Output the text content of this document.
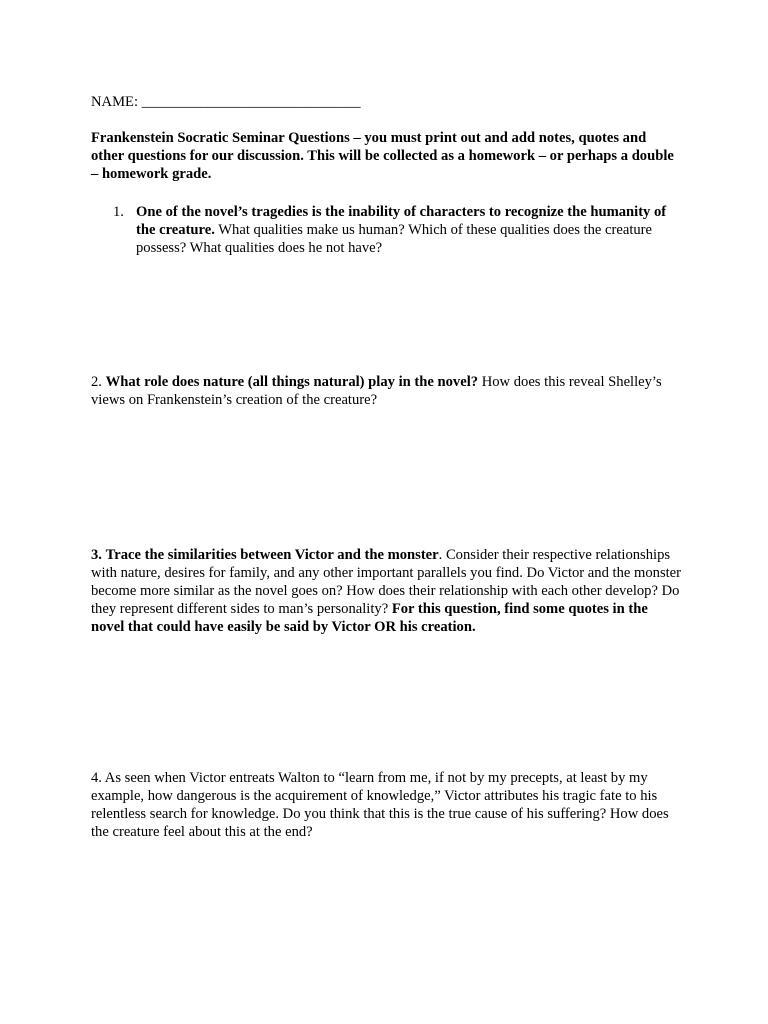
NAME: ______________________________
Frankenstein Socratic Seminar Questions – you must print out and add notes, quotes and other questions for our discussion. This will be collected as a homework – or perhaps a double – homework grade.
1. One of the novel’s tragedies is the inability of characters to recognize the humanity of the creature. What qualities make us human? Which of these qualities does the creature possess? What qualities does he not have?
2. What role does nature (all things natural) play in the novel? How does this reveal Shelley’s views on Frankenstein’s creation of the creature?
3. Trace the similarities between Victor and the monster. Consider their respective relationships with nature, desires for family, and any other important parallels you find. Do Victor and the monster become more similar as the novel goes on? How does their relationship with each other develop? Do they represent different sides to man’s personality? For this question, find some quotes in the novel that could have easily be said by Victor OR his creation.
4. As seen when Victor entreats Walton to “learn from me, if not by my precepts, at least by my example, how dangerous is the acquirement of knowledge,” Victor attributes his tragic fate to his relentless search for knowledge. Do you think that this is the true cause of his suffering? How does the creature feel about this at the end?
